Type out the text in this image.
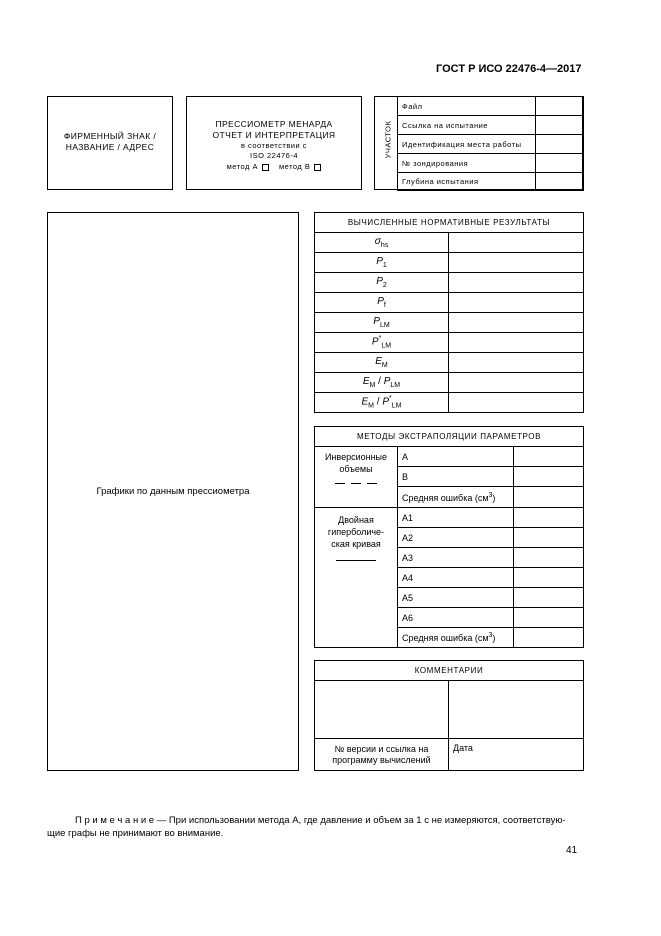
ГОСТ Р ИСО 22476-4—2017
ФИРМЕННЫЙ ЗНАК /
НАЗВАНИЕ / АДРЕС
ПРЕССИОМЕТР МЕНАРДА
ОТЧЕТ И ИНТЕРПРЕТАЦИЯ
в соответствии с
ISO 22476-4
метод А	метод В
УЧАСТОК
Файл	
Ссылка на испытание	
Идентификация места работы	
№ зондирования	
Глубина испытания	
Графики по данным прессиометра
ВЫЧИСЛЕННЫЕ НОРМАТИВНЫЕ РЕЗУЛЬТАТЫ	
$\sigma_{hs}$	
$P_1$	
$P_2$	
$P_f$	
$P_{LM}$	
$P^*_{LM}$	
$E_M$	
$E_M / P_{LM}$	
$E_M / P^*_{LM}$	
МЕТОДЫ ЭКСТРАПОЛЯЦИИ ПАРАМЕТРОВ		

Инверсионные
объемы	A	
	B	
	Средняя ошибка $(см^3)$	

Двойная
гиперболиче-
ская кривая	A1	
	A2	
	A3	
	A4	
	A5	
	A6	
	Средняя ошибка $(см^3)$	
КОММЕНТАРИИ	

№ версии и ссылка на
программу вычислений	Дата
П р и м е ч а н и е — При использовании метода А, где давление и объем за 1 с не измеряются, соответствую-
щие графы не принимают во внимание.
41
